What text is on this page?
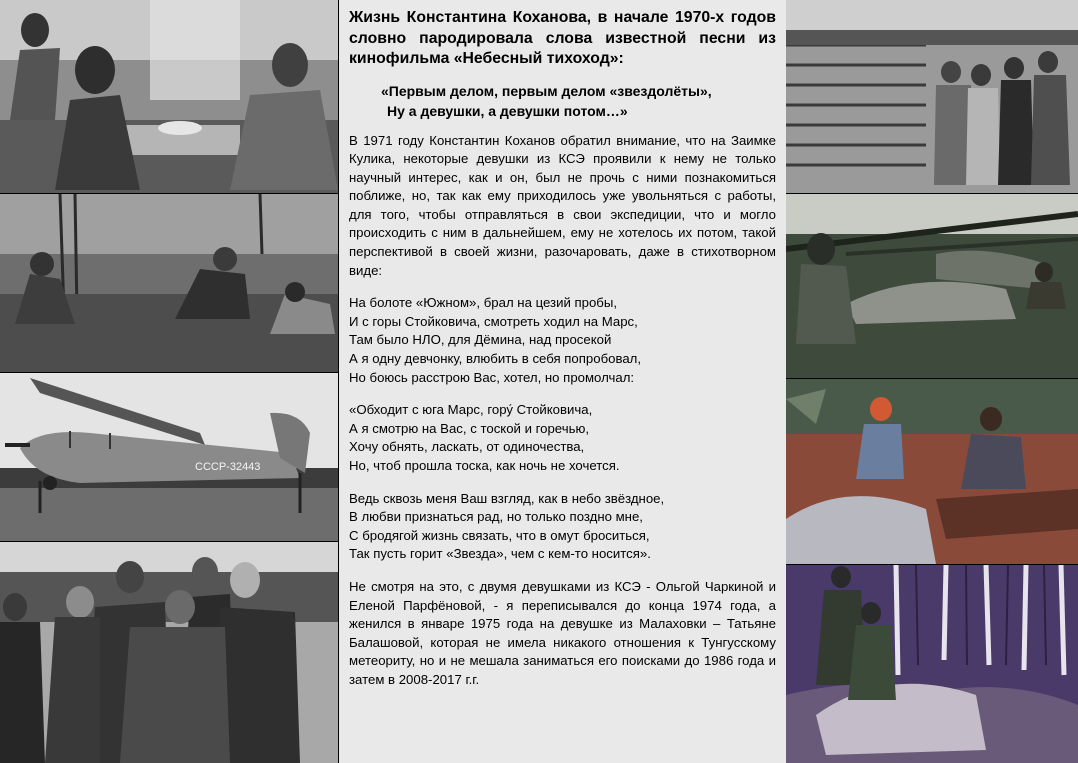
СССР-32443
Жизнь Константина Коханова, в начале 1970-х годов словно пародировала слова известной песни из кинофильма «Небесный тихоход»:
«Первым делом, первым делом «звездолёты»,
Ну а девушки, а девушки потом…»
В 1971 году Константин Коханов обратил внимание, что на Заимке Кулика, некоторые девушки из КСЭ проявили к нему не только научный интерес, как и он, был не прочь с ними познакомиться поближе, но, так как ему приходилось уже увольняться с работы, для того, чтобы отправляться в свои экспедиции, что и могло происходить с ним в дальнейшем, ему не хотелось их потом, такой перспективой в своей жизни, разочаровать, даже в стихотворном виде:
На болоте «Южном», брал на цезий пробы,
И с горы Стойковича, смотреть ходил на Марс,
Там было НЛО, для Дёмина, над просекой
А я одну девчонку, влюбить в себя попробовал,
Но боюсь расстрою Вас, хотел, но промолчал:
«Обходит с юга Марс, гору́ Стойковича,
А я смотрю на Вас, с тоской и горечью,
Хочу обнять, ласкать, от одиночества,
Но, чтоб прошла тоска, как ночь не хочется.
Ведь сквозь меня Ваш взгляд, как в небо звёздное,
В любви признаться рад, но только поздно мне,
С бродягой жизнь связать, что в омут броситься,
Так пусть горит «Звезда», чем с кем-то носится».
Не смотря на это, с двумя девушками из КСЭ - Ольгой Чаркиной и Еленой Парфёновой, - я переписывался до конца 1974 года, а женился в январе 1975 года на девушке из Малаховки – Татьяне Балашовой, которая не имела никакого отношения к Тунгусскому метеориту, но и не мешала заниматься его поисками до 1986 года и затем в 2008-2017 г.г.
